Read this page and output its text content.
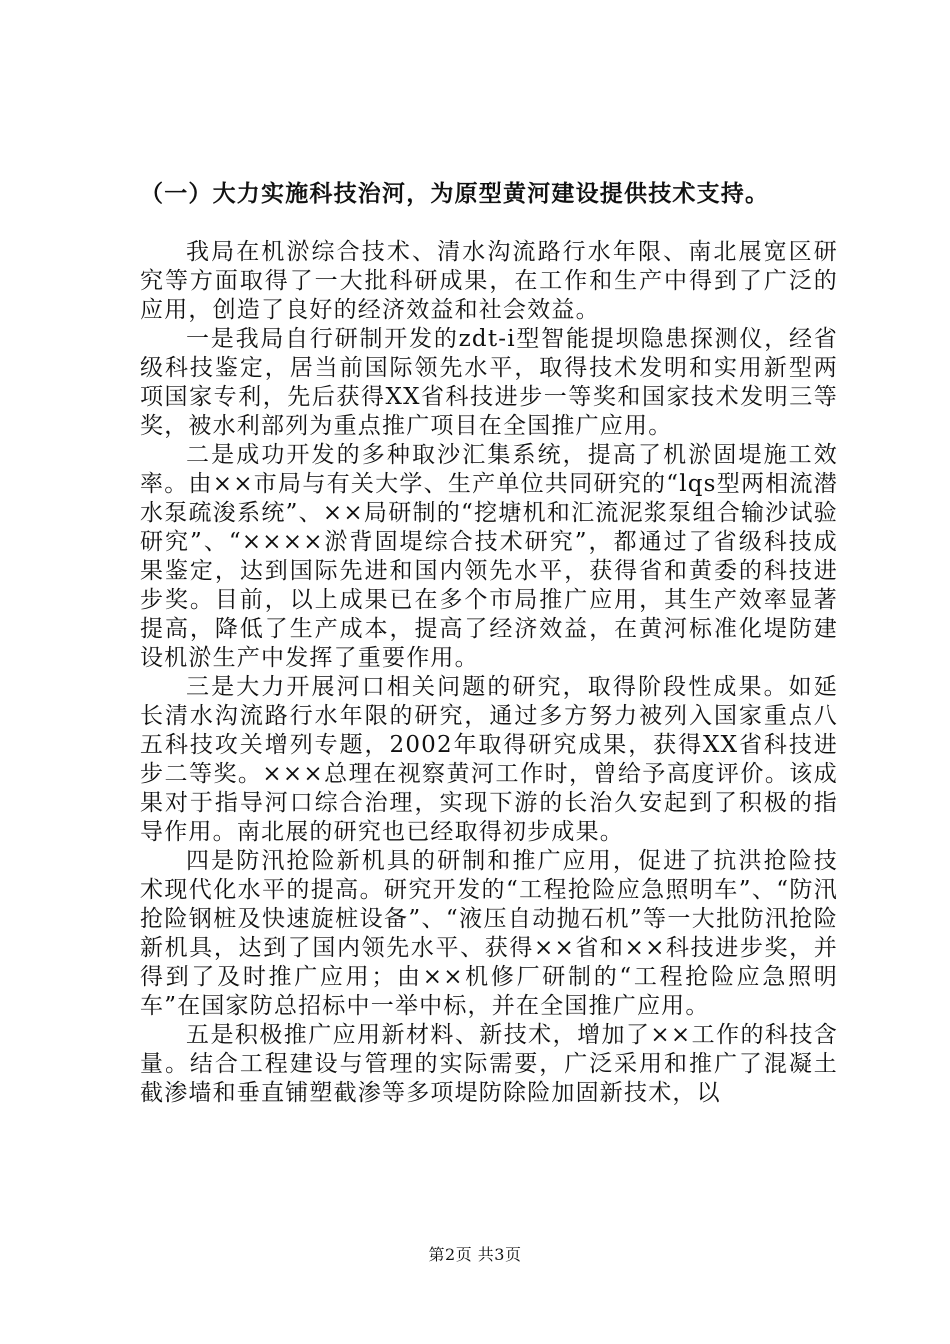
（一）大力实施科技治河，为原型黄河建设提供技术支持。

我局在机淤综合技术、清水沟流路行水年限、南北展宽区研究等方面取得了一大批科研成果，在工作和生产中得到了广泛的应用，创造了良好的经济效益和社会效益。

一是我局自行研制开发的zdt-i型智能提坝隐患探测仪，经省级科技鉴定，居当前国际领先水平，取得技术发明和实用新型两项国家专利，先后获得XX省科技进步一等奖和国家技术发明三等奖，被水利部列为重点推广项目在全国推广应用。

二是成功开发的多种取沙汇集系统，提高了机淤固堤施工效率。由××市局与有关大学、生产单位共同研究的“lqs型两相流潜水泵疏浚系统”、××局研制的“挖塘机和汇流泥浆泵组合输沙试验研究”、“××××淤背固堤综合技术研究”，都通过了省级科技成果鉴定，达到国际先进和国内领先水平，获得省和黄委的科技进步奖。目前，以上成果已在多个市局推广应用，其生产效率显著提高，降低了生产成本，提高了经济效益，在黄河标准化堤防建设机淤生产中发挥了重要作用。

三是大力开展河口相关问题的研究，取得阶段性成果。如延长清水沟流路行水年限的研究，通过多方努力被列入国家重点八五科技攻关增列专题，2002年取得研究成果，获得XX省科技进步二等奖。×××总理在视察黄河工作时，曾给予高度评价。该成果对于指导河口综合治理，实现下游的长治久安起到了积极的指导作用。南北展的研究也已经取得初步成果。

四是防汛抢险新机具的研制和推广应用，促进了抗洪抢险技术现代化水平的提高。研究开发的“工程抢险应急照明车”、“防汛抢险钢桩及快速旋桩设备”、“液压自动抛石机”等一大批防汛抢险新机具，达到了国内领先水平、获得××省和××科技进步奖，并得到了及时推广应用；由××机修厂研制的“工程抢险应急照明车”在国家防总招标中一举中标，并在全国推广应用。

五是积极推广应用新材料、新技术，增加了××工作的科技含量。结合工程建设与管理的实际需要，广泛采用和推广了混凝土截渗墙和垂直铺塑截渗等多项堤防除险加固新技术，以

第2页 共3页
